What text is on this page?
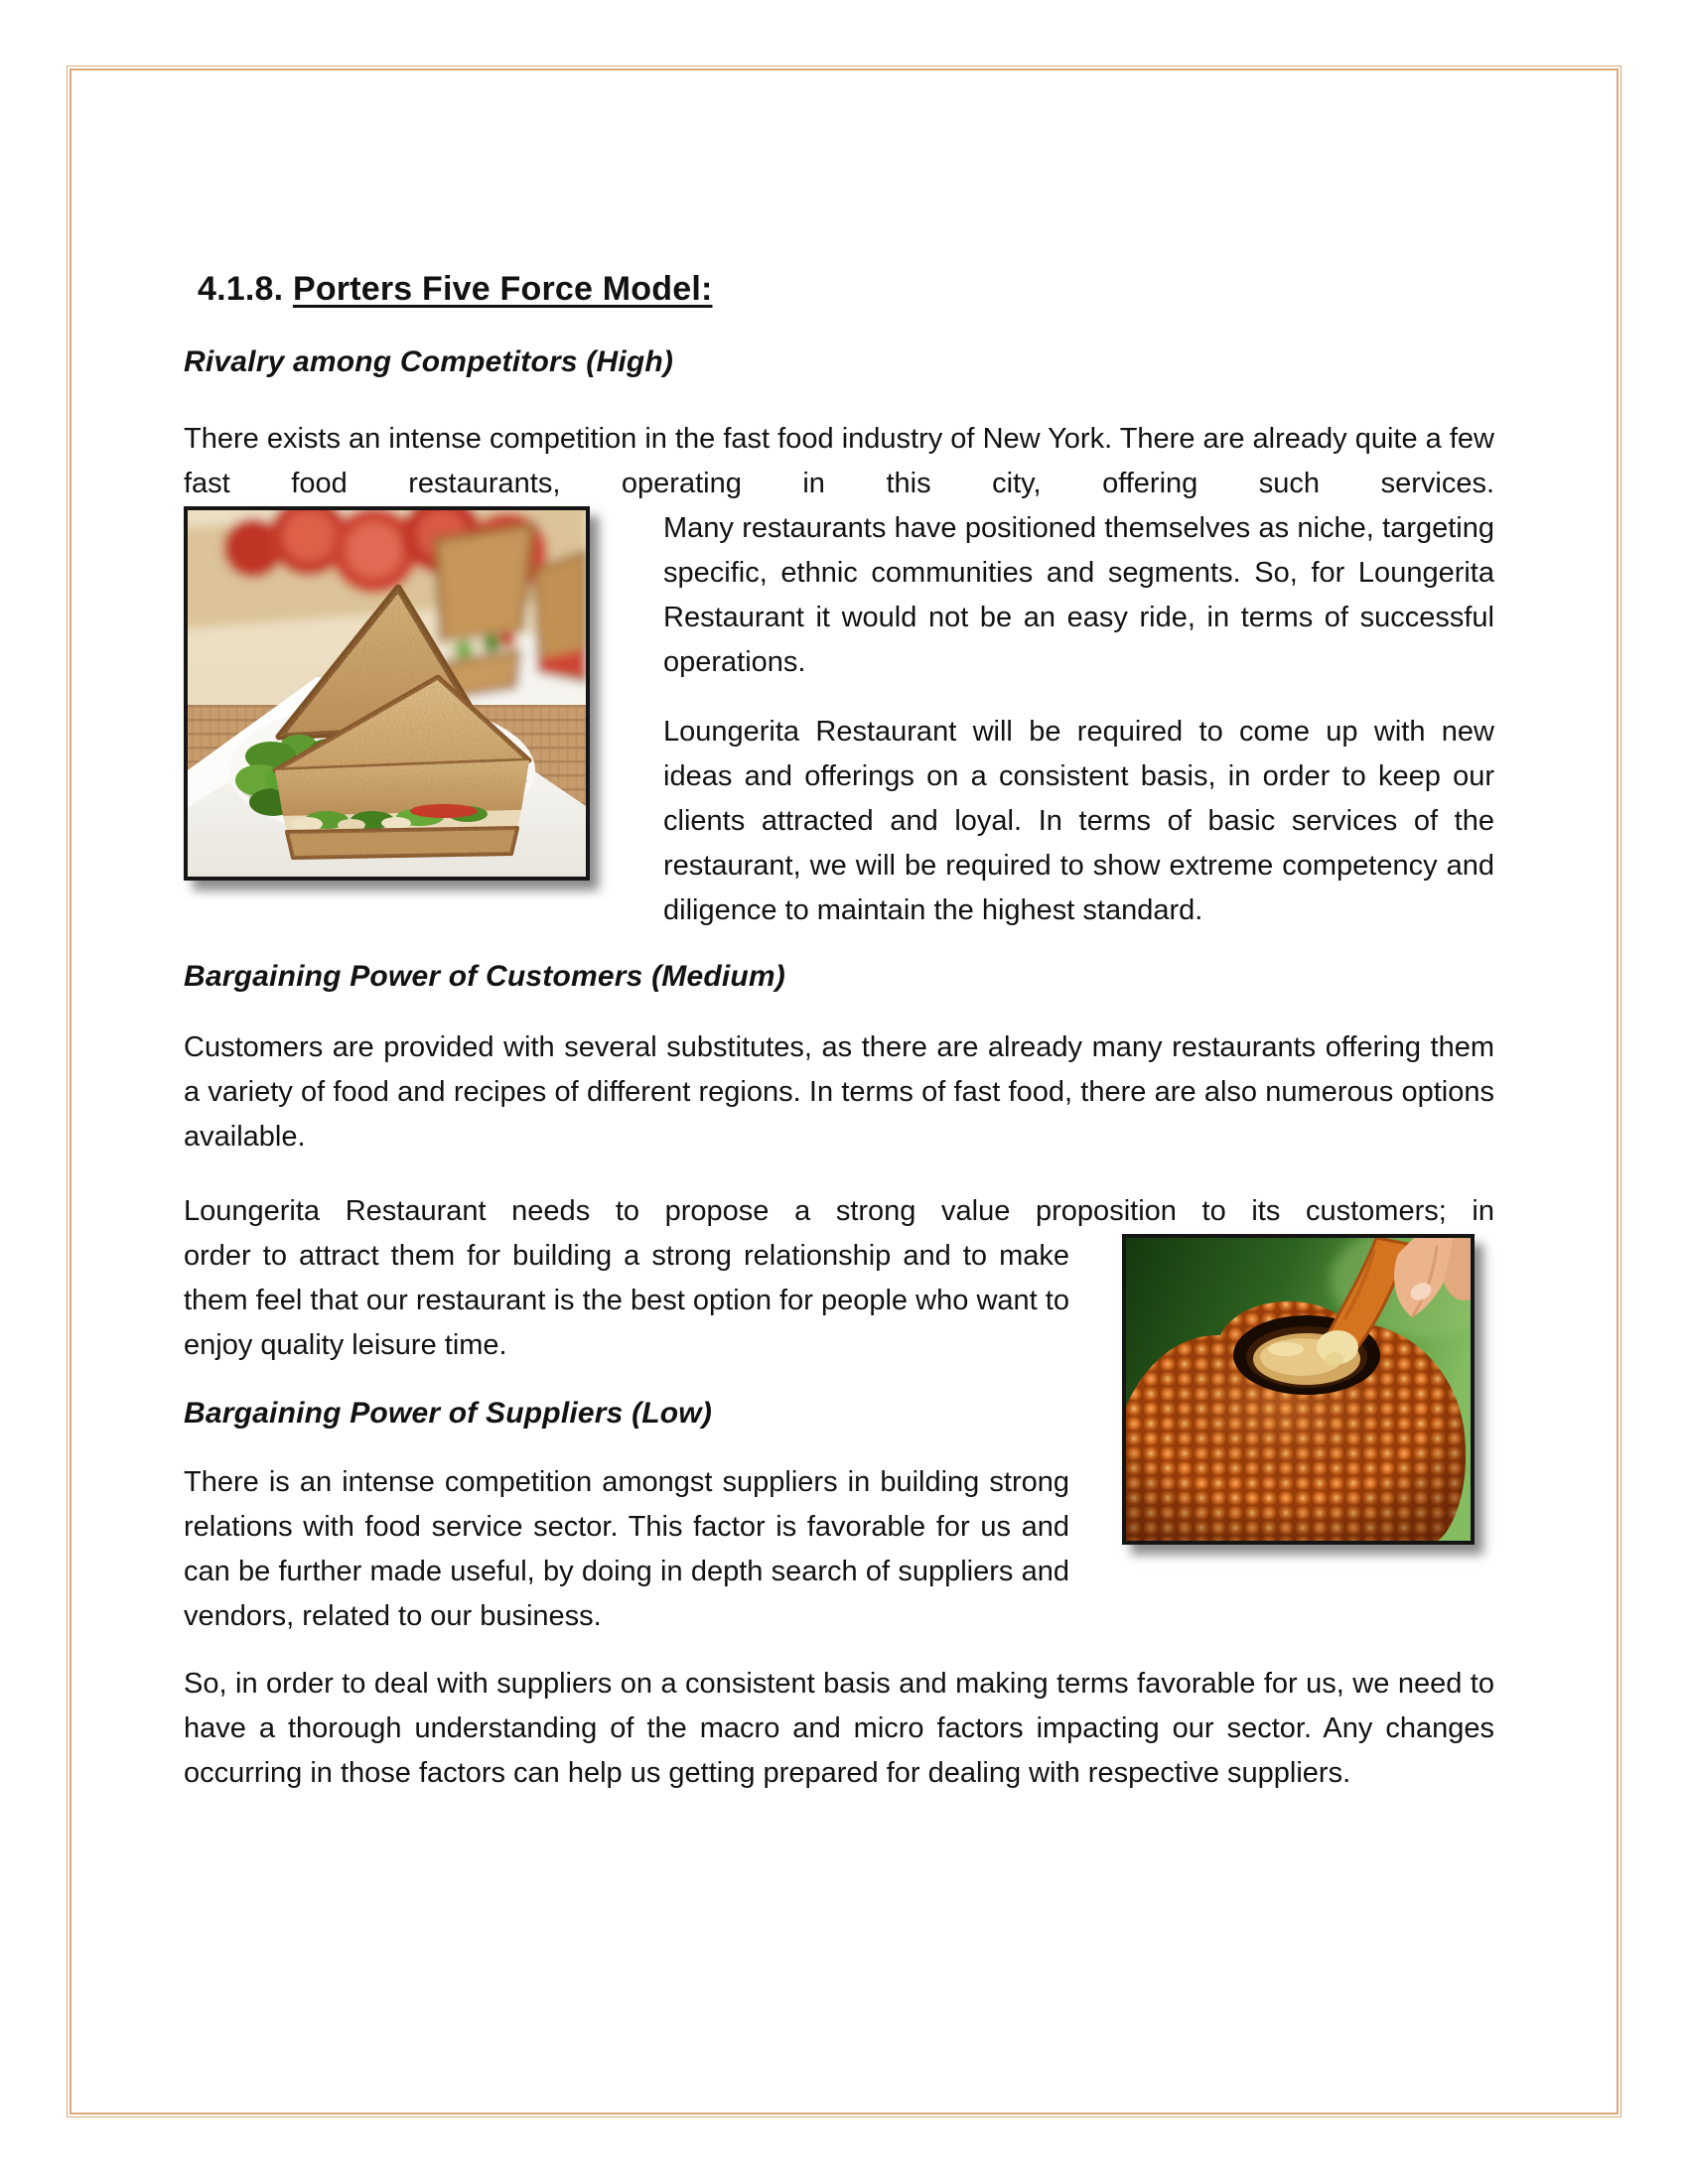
4.1.8. Porters Five Force Model:
Rivalry among Competitors (High)

There exists an intense competition in the fast food industry of New York. There are already quite a few fast food restaurants, operating in this city, offering such services.

Many restaurants have positioned themselves as niche, targeting specific, ethnic communities and segments. So, for Loungerita Restaurant it would not be an easy ride, in terms of successful operations.

Loungerita Restaurant will be required to come up with new ideas and offerings on a consistent basis, in order to keep our clients attracted and loyal. In terms of basic services of the restaurant, we will be required to show extreme competency and diligence to maintain the highest standard.

Bargaining Power of Customers (Medium)

Customers are provided with several substitutes, as there are already many restaurants offering them a variety of food and recipes of different regions. In terms of fast food, there are also numerous options available.

Loungerita Restaurant needs to propose a strong value proposition to its customers; in

order to attract them for building a strong relationship and to make them feel that our restaurant is the best option for people who want to enjoy quality leisure time.

Bargaining Power of Suppliers (Low)

There is an intense competition amongst suppliers in building strong relations with food service sector. This factor is favorable for us and can be further made useful, by doing in depth search of suppliers and vendors, related to our business.

So, in order to deal with suppliers on a consistent basis and making terms favorable for us, we need to have a thorough understanding of the macro and micro factors impacting our sector. Any changes occurring in those factors can help us getting prepared for dealing with respective suppliers.
